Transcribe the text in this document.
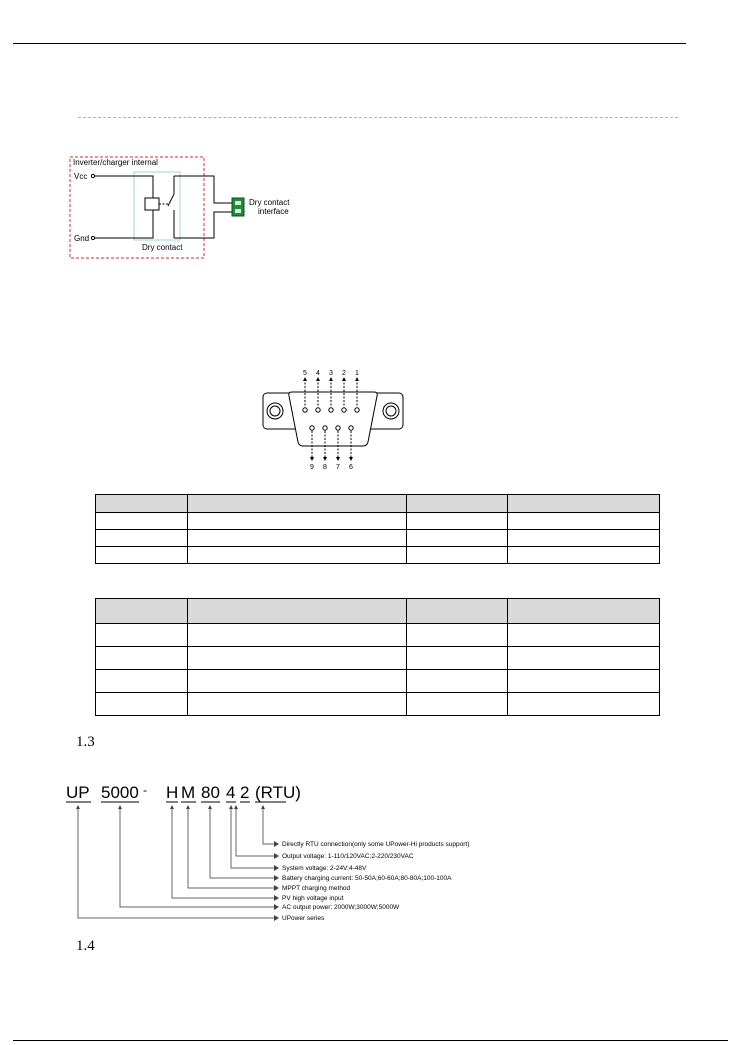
Inverter/charger internal
Vcc
Gnd
Dry contact
Dry contact
interface
5 4 3 2 1
9 8 7 6

1.3
UP 5000 - H M 80 4 2 (RTU)
Directly RTU connection(only some UPower-Hi products support)
Output voltage: 1-110/120VAC;2-220/230VAC
System voltage: 2-24V;4-48V
Battery charging current: 50-50A;60-60A;80-80A;100-100A
MPPT charging method
PV high voltage input
AC output power: 2000W;3000W;5000W
UPower series
1.4
